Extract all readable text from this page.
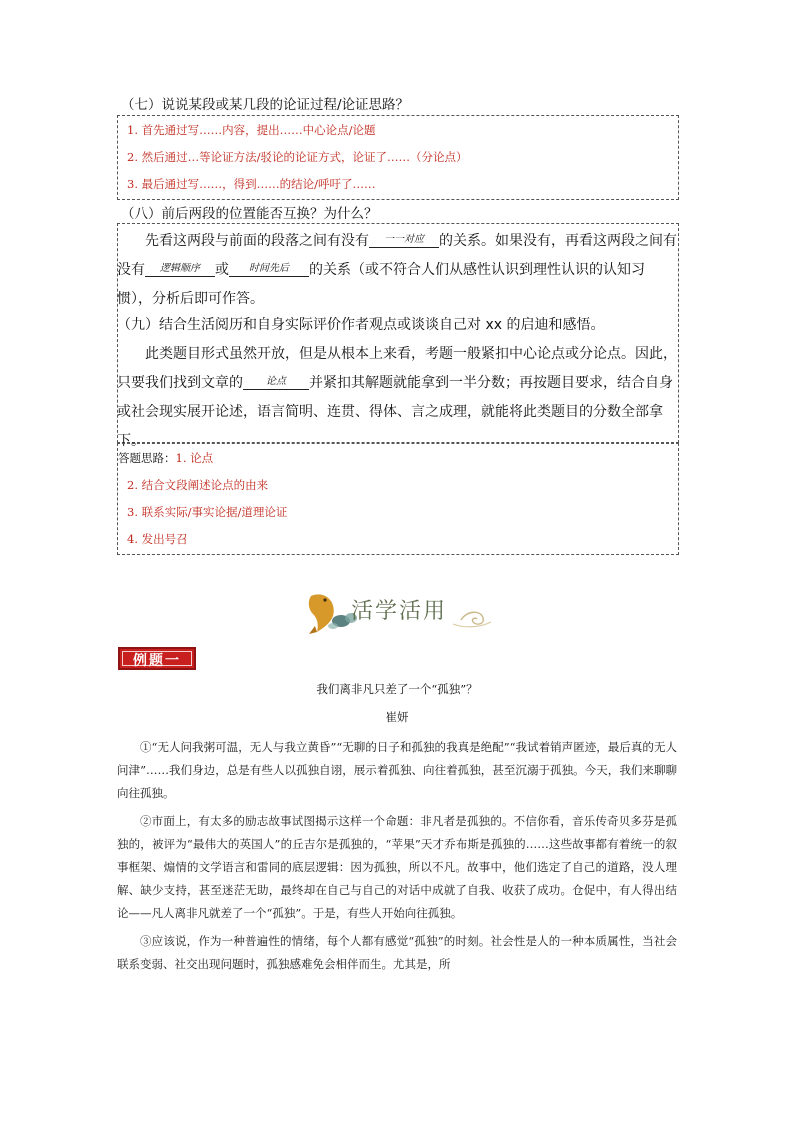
（七）说说某段或某几段的论证过程/论证思路？
1. 首先通过写……内容，提出……中心论点/论题
2. 然后通过…等论证方法/驳论的论证方式，论证了……（分论点）
3. 最后通过写……，得到……的结论/呼吁了……
（八）前后两段的位置能否互换？为什么？
先看这两段与前面的段落之间有没有 一一对应 的关系。如果没有，再看这两段之间有没有 逻辑顺序 或 时间先后 的关系（或不符合人们从感性认识到理性认识的认知习惯），分析后即可作答。
（九）结合生活阅历和自身实际评价作者观点或谈谈自己对 xx 的启迪和感悟。
此类题目形式虽然开放，但是从根本上来看，考题一般紧扣中心论点或分论点。因此，只要我们找到文章的 论点 并紧扣其解题就能拿到一半分数；再按题目要求，结合自身或社会现实展开论述，语言简明、连贯、得体、言之成理，就能将此类题目的分数全部拿下。
答题思路：1. 论点
2. 结合文段阐述论点的由来
3. 联系实际/事实论据/道理论证
4. 发出号召
活学活用
例题一
我们离非凡只差了一个“孤独”？
崔妍

①“无人问我粥可温，无人与我立黄昏”“无聊的日子和孤独的我真是绝配”“我试着销声匿迹，最后真的无人问津”……我们身边，总是有些人以孤独自诩，展示着孤独、向往着孤独，甚至沉溺于孤独。今天，我们来聊聊向往孤独。

②市面上，有太多的励志故事试图揭示这样一个命题：非凡者是孤独的。不信你看，音乐传奇贝多芬是孤独的，被评为“最伟大的英国人”的丘吉尔是孤独的，“苹果”天才乔布斯是孤独的……这些故事都有着统一的叙事框架、煽情的文学语言和雷同的底层逻辑：因为孤独，所以不凡。故事中，他们选定了自己的道路，没人理解、缺少支持，甚至迷茫无助，最终却在自己与自己的对话中成就了自我、收获了成功。仓促中，有人得出结论——凡人离非凡就差了一个“孤独”。于是，有些人开始向往孤独。

③应该说，作为一种普遍性的情绪，每个人都有感觉“孤独”的时刻。社会性是人的一种本质属性，当社会联系变弱、社交出现问题时，孤独感难免会相伴而生。尤其是，所
